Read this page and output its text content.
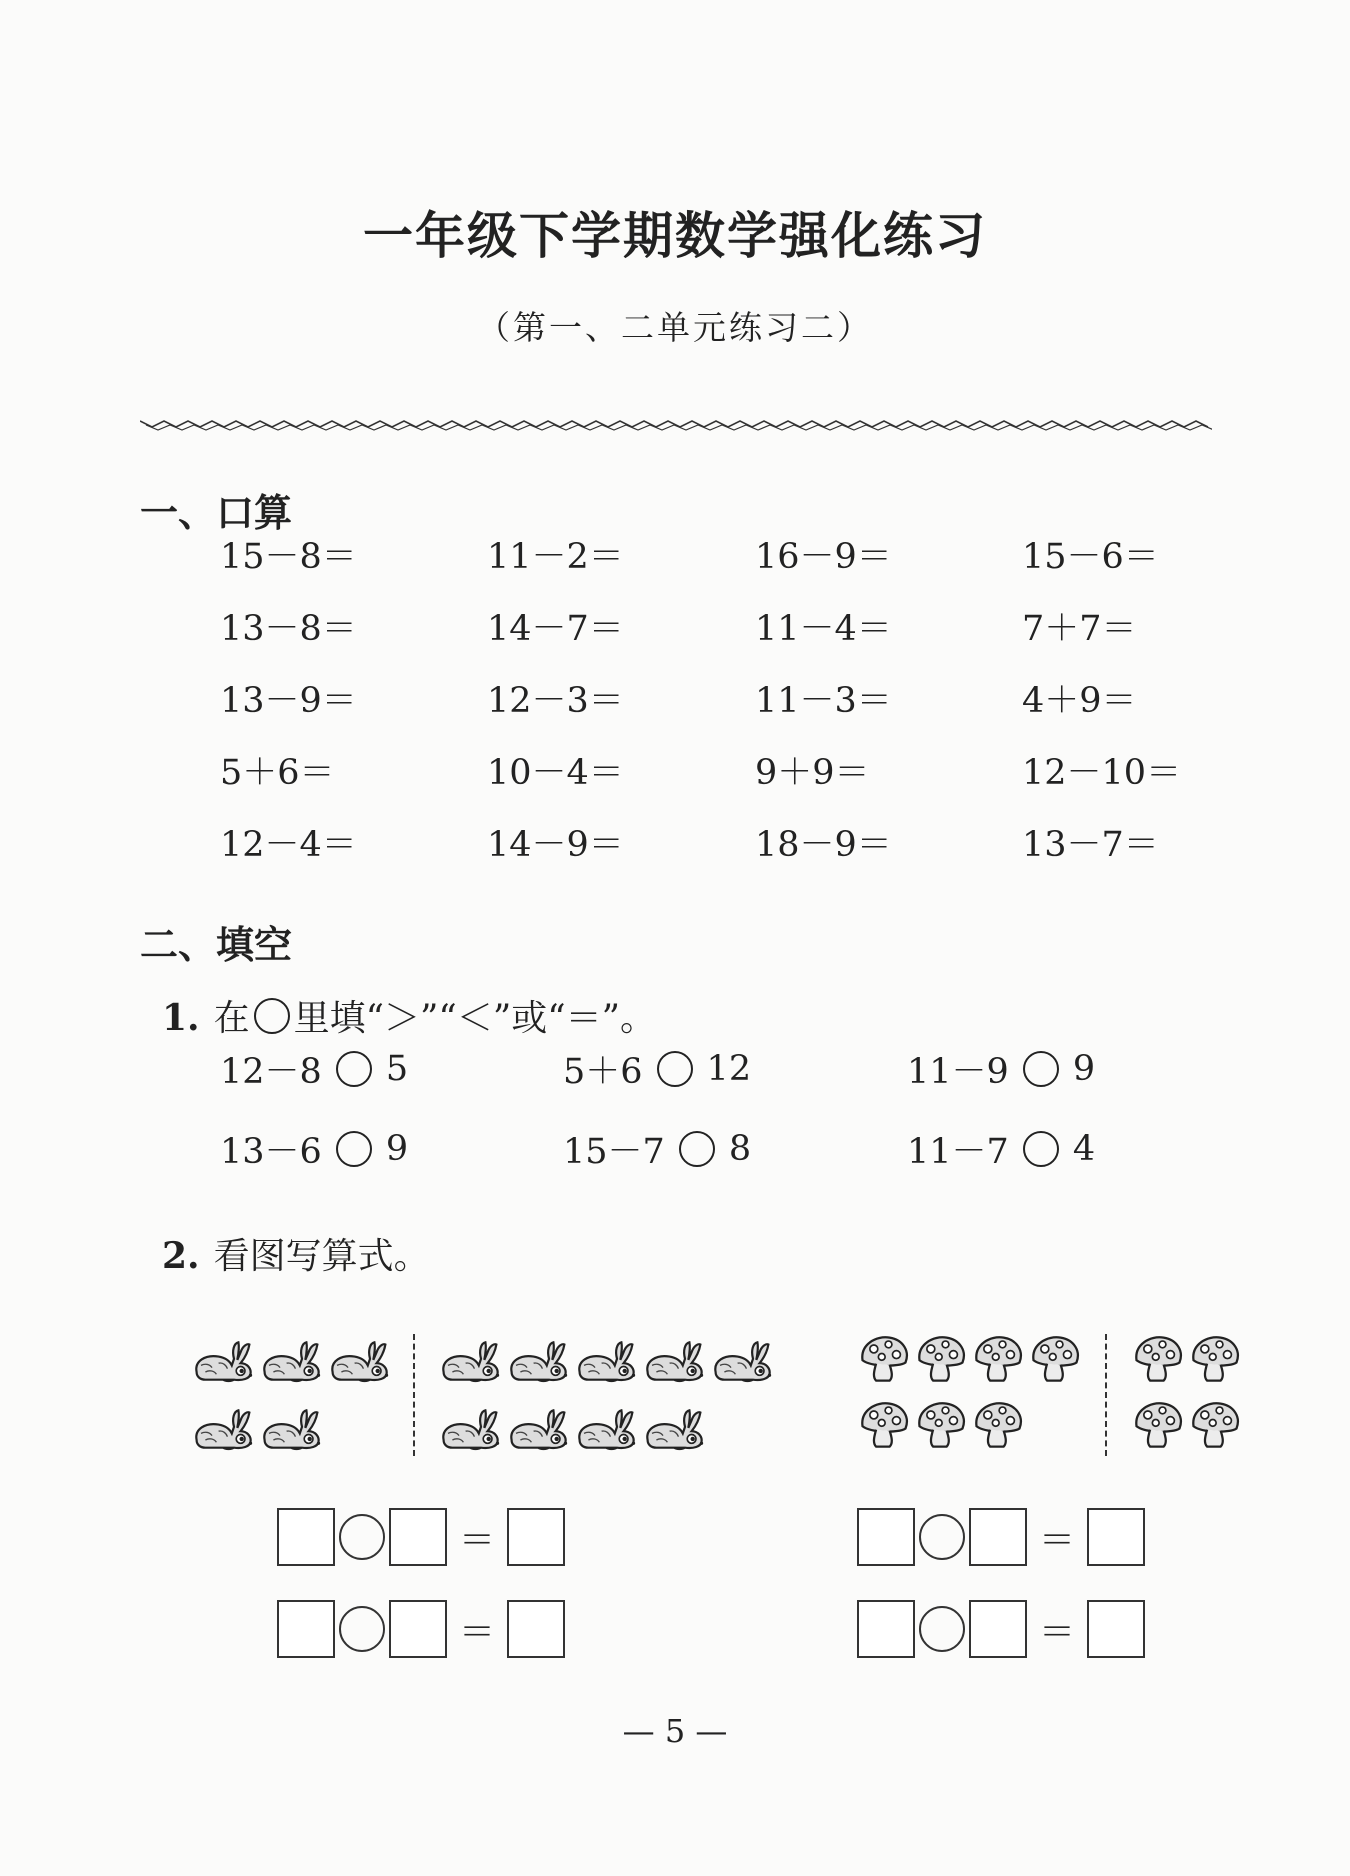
一年级下学期数学强化练习
（第一、二单元练习二）
一、口算
15－8＝	11－2＝	16－9＝	15－6＝
13－8＝	14－7＝	11－4＝	7＋7＝
13－9＝	12－3＝	11－3＝	4＋9＝
5＋6＝	10－4＝	9＋9＝	12－10＝
12－4＝	14－9＝	18－9＝	13－7＝
二、填空
1. 在 里填“＞”“＜”或“＝”。
12－8 5	5＋6 12	11－9 9
13－6 9	15－7 8	11－7 4
2. 看图写算式。
＝
＝
＝
＝
— 5 —
